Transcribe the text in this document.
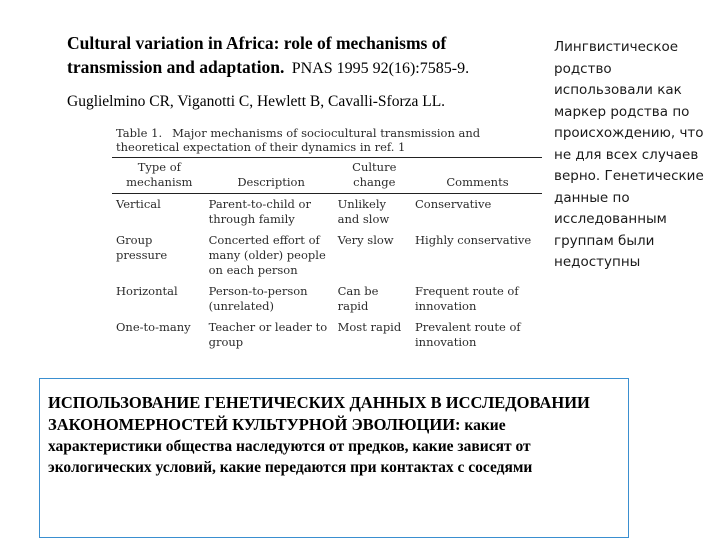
Cultural variation in Africa: role of mechanisms of transmission and adaptation. PNAS 1995 92(16):7585-9.
Guglielmino CR, Viganotti C, Hewlett B, Cavalli-Sforza LL.
Лингвистическое родство использовали как маркер родства по происхождению, что не для всех случаев верно. Генетические данные по исследованным группам были недоступны
Table 1. Major mechanisms of sociocultural transmission and theoretical expectation of their dynamics in ref. 1
Type of mechanism	Description	Culture change	Comments
Vertical	Parent-to-child or through family	Unlikely and slow	Conservative
Group pressure	Concerted effort of many (older) people on each person	Very slow	Highly conservative
Horizontal	Person-to-person (unrelated)	Can be rapid	Frequent route of innovation
One-to-many	Teacher or leader to group	Most rapid	Prevalent route of innovation
ИСПОЛЬЗОВАНИЕ ГЕНЕТИЧЕСКИХ ДАННЫХ В ИССЛЕДОВАНИИ ЗАКОНОМЕРНОСТЕЙ КУЛЬТУРНОЙ ЭВОЛЮЦИИ: какие характеристики общества наследуются от предков, какие зависят от экологических условий, какие передаются при контактах с соседями
